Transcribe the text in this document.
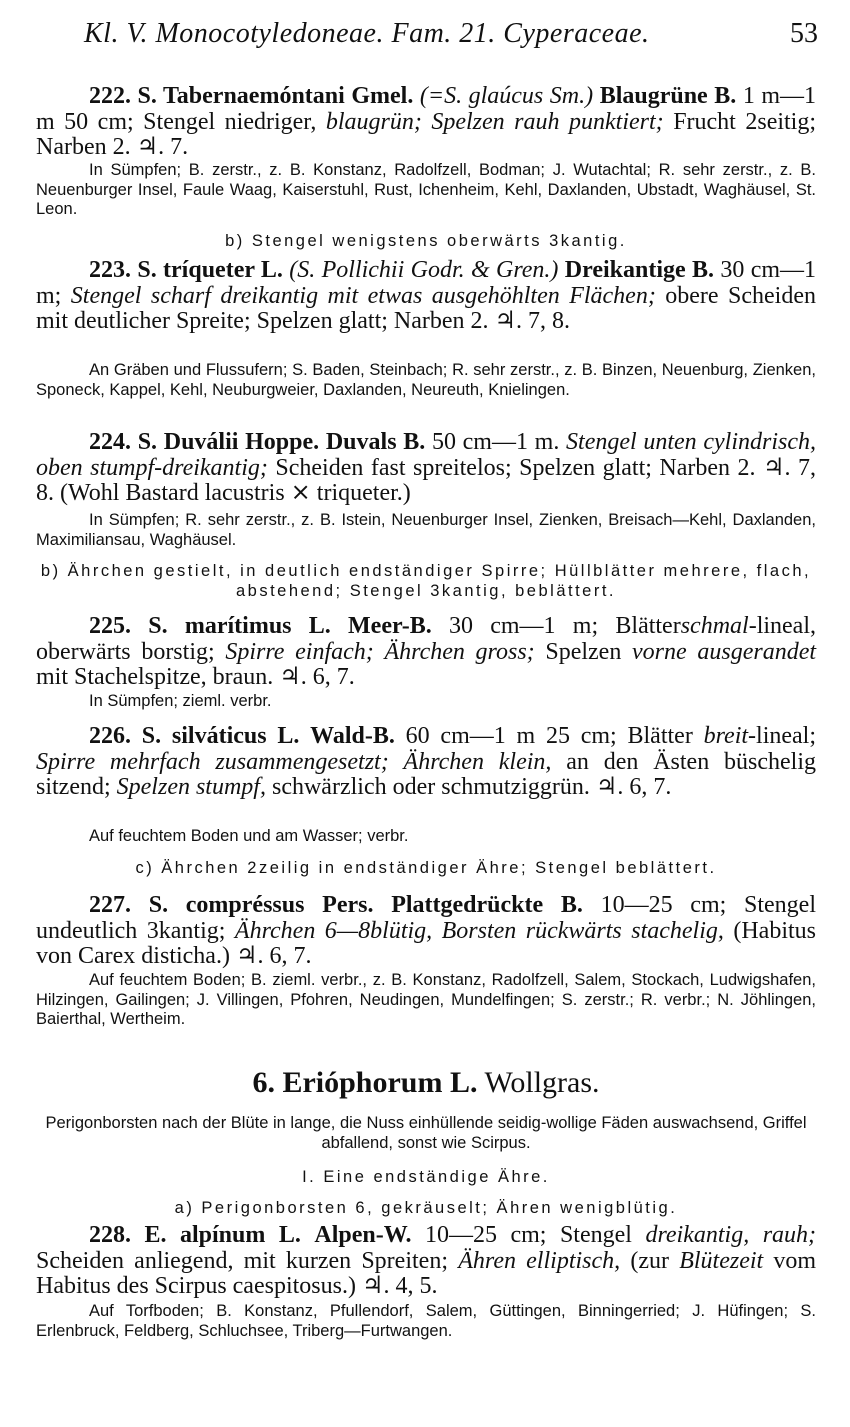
Kl. V. Monocotyledoneae. Fam. 21. Cyperaceae.	53
222. S. Tabernaemóntani Gmel. (=S. glaúcus Sm.) Blaugrüne B. 1 m—1 m 50 cm; Stengel niedriger, blaugrün; Spelzen rauh punktiert; Frucht 2seitig; Narben 2. ♃. 7.
In Sümpfen; B. zerstr., z. B. Konstanz, Radolfzell, Bodman; J. Wutachtal; R. sehr zerstr., z. B. Neuenburger Insel, Faule Waag, Kaiserstuhl, Rust, Ichenheim, Kehl, Daxlanden, Ubstadt, Waghäusel, St. Leon.
b) Stengel wenigstens oberwärts 3kantig.
223. S. tríqueter L. (S. Pollichii Godr. & Gren.) Dreikantige B. 30 cm—1 m; Stengel scharf dreikantig mit etwas ausgehöhlten Flächen; obere Scheiden mit deutlicher Spreite; Spelzen glatt; Narben 2. ♃. 7, 8.
An Gräben und Flussufern; S. Baden, Steinbach; R. sehr zerstr., z. B. Binzen, Neuenburg, Zienken, Sponeck, Kappel, Kehl, Neuburgweier, Daxlanden, Neureuth, Knielingen.
224. S. Duválii Hoppe. Duvals B. 50 cm—1 m. Stengel unten cylindrisch, oben stumpf-dreikantig; Scheiden fast spreitelos; Spelzen glatt; Narben 2. ♃. 7, 8. (Wohl Bastard lacustris ⨯ triqueter.)
In Sümpfen; R. sehr zerstr., z. B. Istein, Neuenburger Insel, Zienken, Breisach—Kehl, Daxlanden, Maximiliansau, Waghäusel.
b) Ährchen gestielt, in deutlich endständiger Spirre; Hüllblätter mehrere, flach, abstehend; Stengel 3kantig, beblättert.
225. S. marítimus L. Meer-B. 30 cm—1 m; Blätterschmal-lineal, oberwärts borstig; Spirre einfach; Ährchen gross; Spelzen vorne ausgerandet mit Stachelspitze, braun. ♃. 6, 7.
In Sümpfen; zieml. verbr.
226. S. silváticus L. Wald-B. 60 cm—1 m 25 cm; Blätter breit-lineal; Spirre mehrfach zusammengesetzt; Ährchen klein, an den Ästen büschelig sitzend; Spelzen stumpf, schwärzlich oder schmutziggrün. ♃. 6, 7.
Auf feuchtem Boden und am Wasser; verbr.
c) Ährchen 2zeilig in endständiger Ähre; Stengel beblättert.
227. S. compréssus Pers. Plattgedrückte B. 10—25 cm; Stengel undeutlich 3kantig; Ährchen 6—8blütig, Borsten rückwärts stachelig, (Habitus von Carex disticha.) ♃. 6, 7.
Auf feuchtem Boden; B. zieml. verbr., z. B. Konstanz, Radolfzell, Salem, Stockach, Ludwigshafen, Hilzingen, Gailingen; J. Villingen, Pfohren, Neudingen, Mundelfingen; S. zerstr.; R. verbr.; N. Jöhlingen, Baierthal, Wertheim.
6. Erióphorum L. Wollgras.
Perigonborsten nach der Blüte in lange, die Nuss einhüllende seidig-wollige Fäden auswachsend, Griffel abfallend, sonst wie Scirpus.
I. Eine endständige Ähre.
a) Perigonborsten 6, gekräuselt; Ähren wenigblütig.
228. E. alpínum L. Alpen-W. 10—25 cm; Stengel dreikantig, rauh; Scheiden anliegend, mit kurzen Spreiten; Ähren elliptisch, (zur Blütezeit vom Habitus des Scirpus caespitosus.) ♃. 4, 5.
Auf Torfboden; B. Konstanz, Pfullendorf, Salem, Güttingen, Binningerried; J. Hüfingen; S. Erlenbruck, Feldberg, Schluchsee, Triberg—Furtwangen.
